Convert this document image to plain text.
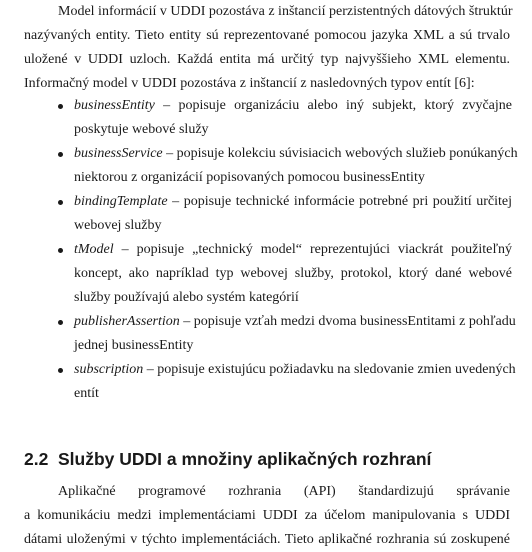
Model informácií v UDDI pozostáva z inštancií perzistentných dátových štruktúr
nazývaných entity. Tieto entity sú reprezentované pomocou jazyka XML a sú trvalo
uložené v UDDI uzloch. Každá entita má určitý typ najvyššieho XML elementu.
Informačný model v UDDI pozostáva z inštancií z nasledovných typov entít [6]:
businessEntity – popisuje organizáciu alebo iný subjekt, ktorý zvyčajne
poskytuje webové služy
businessService – popisuje kolekciu súvisiacich webových služieb ponúkaných
niektorou z organizácií popisovaných pomocou businessEntity
bindingTemplate – popisuje technické informácie potrebné pri použití určitej
webovej služby
tModel – popisuje „technický model“ reprezentujúci viackrát použiteľný
koncept, ako napríklad typ webovej služby, protokol, ktorý dané webové
služby používajú alebo systém kategórií
publisherAssertion – popisuje vzťah medzi dvoma businessEntitami z pohľadu
jednej businessEntity
subscription – popisuje existujúcu požiadavku na sledovanie zmien uvedených
entít
2.2 Služby UDDI a množiny aplikačných rozhraní
Aplikačné programové rozhrania (API) štandardizujú správanie
a komunikáciu medzi implementáciami UDDI za účelom manipulovania s UDDI
dátami uloženými v týchto implementáciách. Tieto aplikačné rozhrania sú zoskupené
